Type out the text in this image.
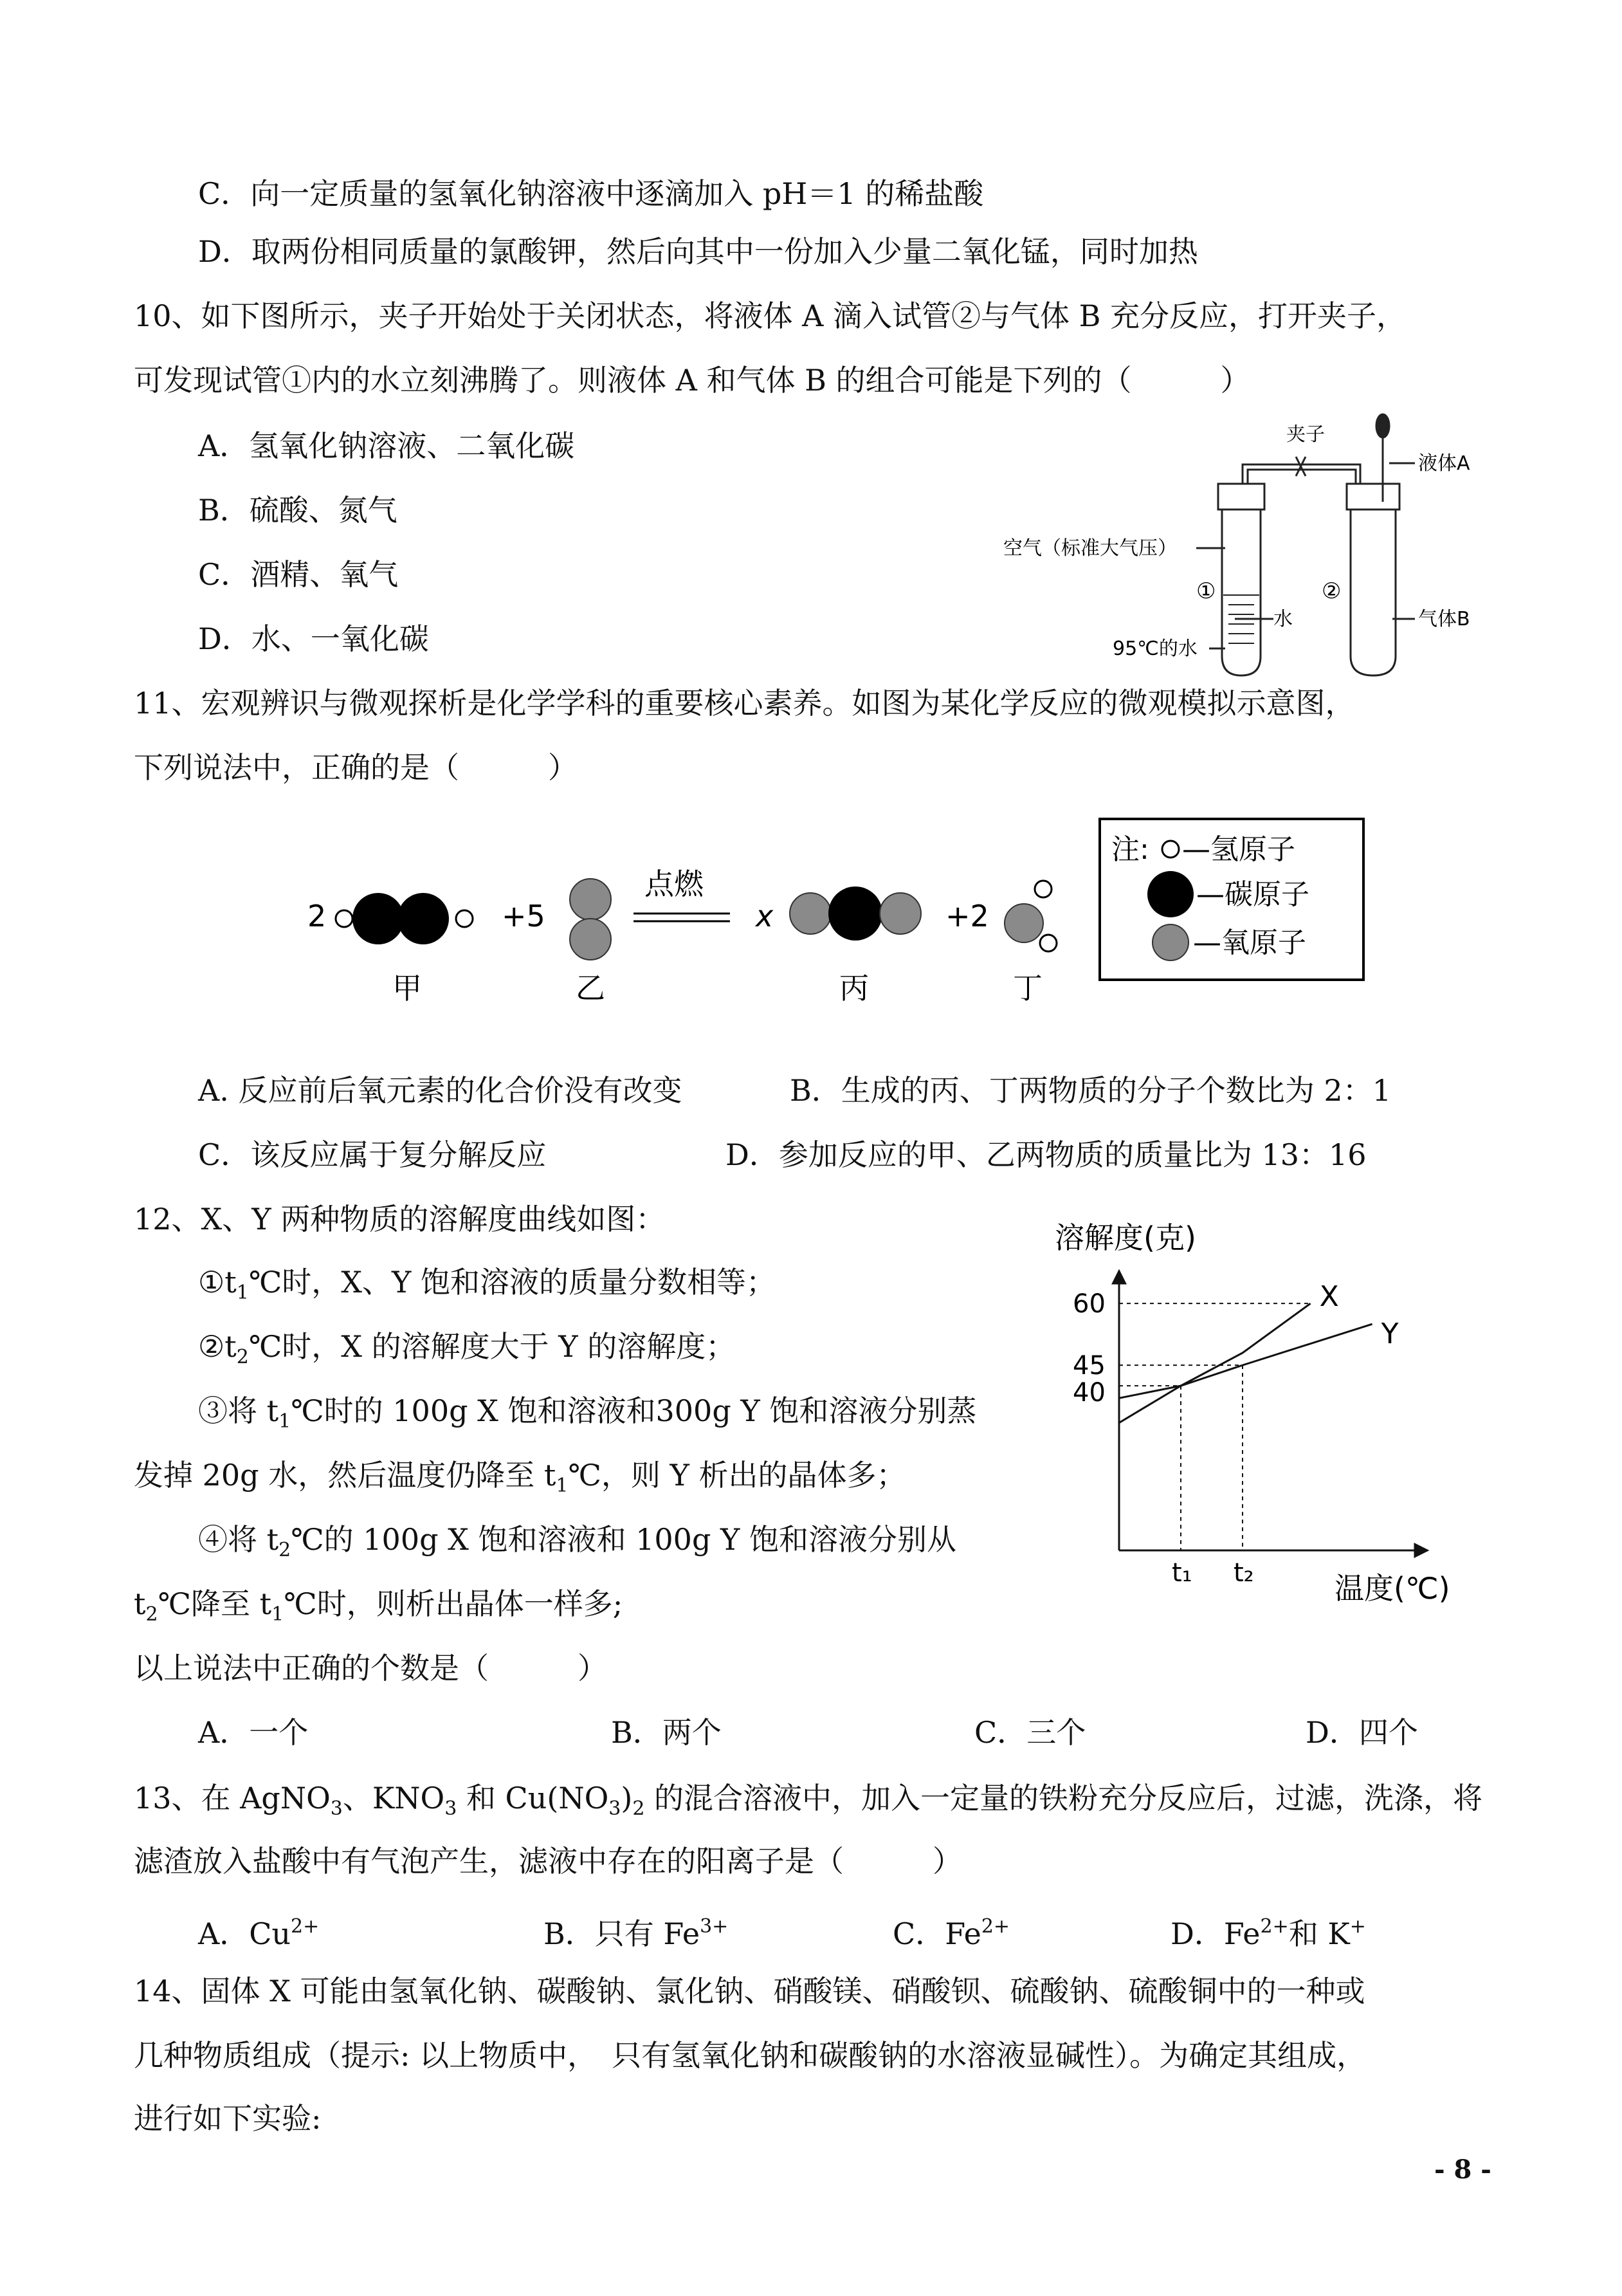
C．向一定质量的氢氧化钠溶液中逐滴加入 pH＝1 的稀盐酸
D．取两份相同质量的氯酸钾，然后向其中一份加入少量二氧化锰，同时加热
10、如下图所示，夹子开始处于关闭状态，将液体 A 滴入试管②与气体 B 充分反应，打开夹子，
可发现试管①内的水立刻沸腾了。则液体 A 和气体 B 的组合可能是下列的（　　　）
A．氢氧化钠溶液、二氧化碳
B．硫酸、氮气
C．酒精、氧气
D．水、一氧化碳
夹子
液体A
空气（标准大气压）
①	②
水	气体B
95℃的水
11、宏观辨识与微观探析是化学学科的重要核心素养。如图为某化学反应的微观模拟示意图，
下列说法中，正确的是（　　　）
2
甲
+5
乙
点燃
x
丙
+2
丁
注: —氢原子
—碳原子
—氧原子
A. 反应前后氧元素的化合价没有改变	B．生成的丙、丁两物质的分子个数比为 2：1
C．该反应属于复分解反应	D．参加反应的甲、乙两物质的质量比为 13：16
12、X、Y 两种物质的溶解度曲线如图：
$①t_1℃$时，X、Y 饱和溶液的质量分数相等；
$②t_2℃$时，X 的溶解度大于 Y 的溶解度；
③将 $t_1℃$时的 100g X 饱和溶液和300g Y 饱和溶液分别蒸
发掉 20g 水，然后温度仍降至 $t_1℃$，则 Y 析出的晶体多；
④将 $t_2℃$的 100g X 饱和溶液和 100g Y 饱和溶液分别从
$t_2℃$降至 $t_1℃$时，则析出晶体一样多;
以上说法中正确的个数是（　　　）
A．一个	B．两个	C．三个	D．四个
溶解度(克)
温度(℃)
X
Y
60
45
40
t₁ t₂
13、在 AgNO$_3$、$KNO_3$ 和 $Cu(NO_3)_2$ 的混合溶液中，加入一定量的铁粉充分反应后，过滤，洗涤，将
滤渣放入盐酸中有气泡产生，滤液中存在的阳离子是（　　　）
A．$Cu^{2+}$	B．只有 $Fe^{3+}$	C．$Fe^{2+}$	D．$Fe^{2+}$和 K+
14、固体 X 可能由氢氧化钠、碳酸钠、氯化钠、硝酸镁、硝酸钡、硫酸钠、硫酸铜中的一种或
几种物质组成（提示: 以上物质中，　只有氢氧化钠和碳酸钠的水溶液显碱性）。为确定其组成，
进行如下实验:
- 8 -
